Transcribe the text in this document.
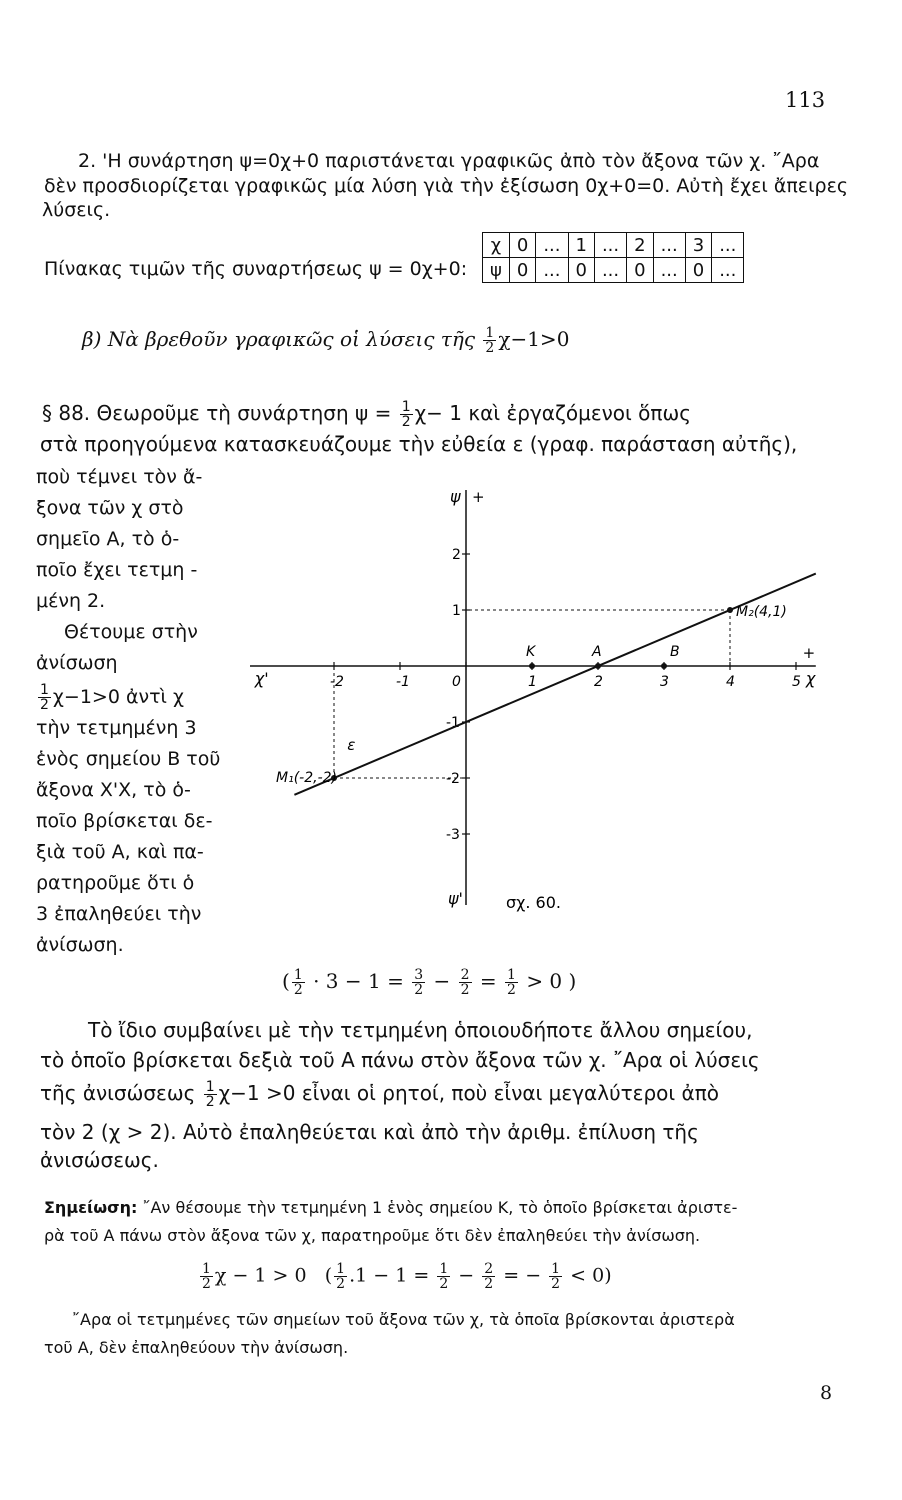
113
2. 'Η συνάρτηση ψ=0χ+0 παριστάνεται γραφικῶς ἀπὸ τὸν ἄξονα τῶν χ. ῎Αρα
δὲν προσδιορίζεται γραφικῶς μία λύση γιὰ τὴν ἐξίσωση 0χ+0=0. Αὐτὴ ἔχει ἄπειρες
λύσεις.
Πίνακας τιμῶν τῆς συναρτήσεως ψ = 0χ+0:
χ	0	...	1	...	2	...	3	...
ψ	0	...	0	...	0	...	0	...
β) Νὰ βρεθοῦν γραφικῶς οἱ λύσεις τῆς $\frac{1}{2} \chi-1>0$
§ 88. Θεωροῦμε τὴ συνάρτηση $\psi = \frac{1}{2} \chi- 1$ καὶ ἐργαζόμενοι ὅπως
στὰ προηγούμενα κατασκευάζουμε τὴν εὐθεία ε (γραφ. παράσταση αὐτῆς),
ποὺ τέμνει τὸν ἄ-
ξονα τῶν χ στὸ
σημεῖο Α, τὸ ὁ-
ποῖο ἔχει τετμη -
μένη 2.
Θέτουμε στὴν
ἀνίσωση
$\frac{1}{2} \chi-1>0$ ἀντὶ χ
τὴν τετμημένη 3
ἑνὸς σημείου Β τοῦ
ἄξονα Χ'Χ, τὸ ὁ-
ποῖο βρίσκεται δε-
ξιὰ τοῦ Α, καὶ πα-
ρατηροῦμε ὅτι ὁ
3 ἐπαληθεύει τὴν
ἀνίσωση.
-2	-1	0	1	2	3	4	5
2
1
-1
-2
-3
χ'	χ
+
ψ +
ψ'
ε
Κ	Α	Β
M₂(4,1)
M₁(-2,-2)
σχ. 60.
( $\frac{1}{2} \cdot 3 - 1 = \frac{3}{2} - \frac{2}{2} = \frac{1}{2} > 0$ )
Τὸ ἴδιο συμβαίνει μὲ τὴν τετμημένη ὁποιουδήποτε ἄλλου σημείου,
τὸ ὁποῖο βρίσκεται δεξιὰ τοῦ Α πάνω στὸν ἄξονα τῶν χ. ῎Αρα οἱ λύσεις
τῆς ἀνισώσεως $\frac{1}{2} \chi-1 >0$ εἶναι οἱ ρητοί, ποὺ εἶναι μεγαλύτεροι ἀπὸ
τὸν 2 (χ > 2). Αὐτὸ ἐπαληθεύεται καὶ ἀπὸ τὴν ἀριθμ. ἐπίλυση τῆς
ἀνισώσεως.
Σημείωση: ῎Αν θέσουμε τὴν τετμημένη 1 ἑνὸς σημείου Κ, τὸ ὁποῖο βρίσκεται ἀριστε-
ρὰ τοῦ Α πάνω στὸν ἄξονα τῶν χ, παρατηροῦμε ὅτι δὲν ἐπαληθεύει τὴν ἀνίσωση.
$\frac{1}{2}$ χ − 1 > 0 ( $\frac{1}{2} .1 - 1 = \frac{1}{2} - \frac{2}{2}$ = − $\frac{1}{2} < 0$)
῎Αρα οἱ τετμημένες τῶν σημείων τοῦ ἄξονα τῶν χ, τὰ ὁποῖα βρίσκονται ἀριστερὰ
τοῦ Α, δὲν ἐπαληθεύουν τὴν ἀνίσωση.
8
